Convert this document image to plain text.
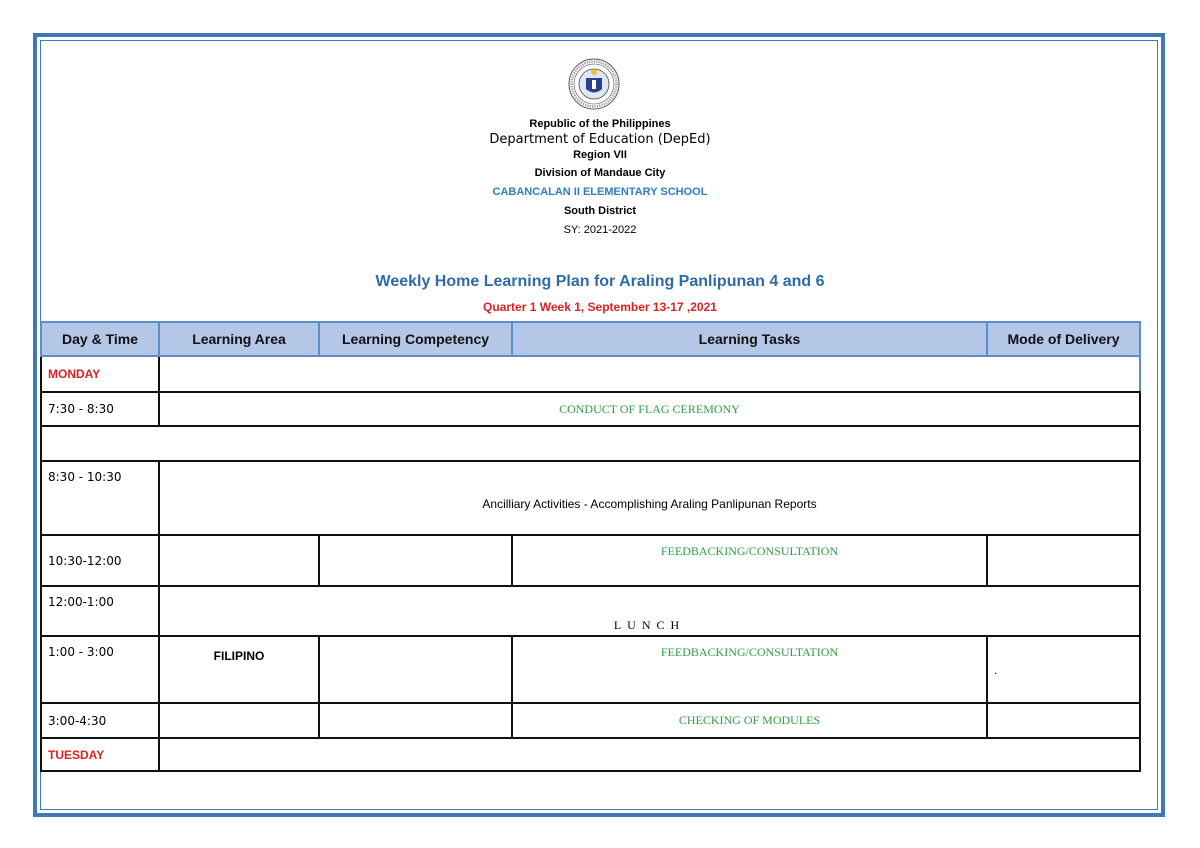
Republic of the Philippines
Department of Education (DepEd)
Region VII
Division of Mandaue City
CABANCALAN II ELEMENTARY SCHOOL
South District
SY: 2021-2022
Weekly Home Learning Plan for Araling Panlipunan 4 and 6
Quarter 1 Week 1, September 13-17 ,2021
Day & Time	Learning Area	Learning Competency	Learning Tasks	Mode of Delivery
MONDAY				
7:30 - 8:30	CONDUCT OF FLAG CEREMONY			

8:30 - 10:30	Ancilliary Activities - Accomplishing Araling Panlipunan Reports			
10:30-12:00			FEEDBACKING/CONSULTATION	
12:00-1:00	LUNCH			
1:00 - 3:00	FILIPINO		FEEDBACKING/CONSULTATION	.
3:00-4:30			CHECKING OF MODULES	
TUESDAY				
